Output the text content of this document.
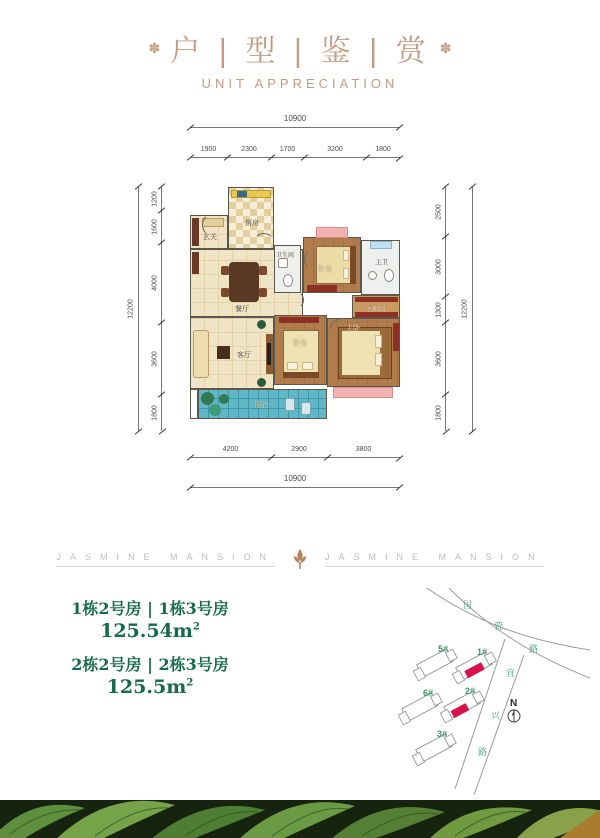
✽ 户 | 型 | 鉴 | 赏 ✽
UNIT APPRECIATION
10900
1900	2300	1700	3200	1800
12200
1200
1600
4000
3600
1800
2500
3000
1300
3600
1800
12200
4200	2900	3800
10900
厨房
玄关
餐厅
卫生间
卧室
主卫
衣帽间
主卧
卧室
客厅
阳台
JASMINE MANSION	JASMINE MANSION
1栋2号房 | 1栋3号房
$125.54m^2$
2栋2号房 | 2栋3号房
$125.5m^2$
5#	1#
6#	2#
3#
国
瓷
路
宜
兴
路
N
